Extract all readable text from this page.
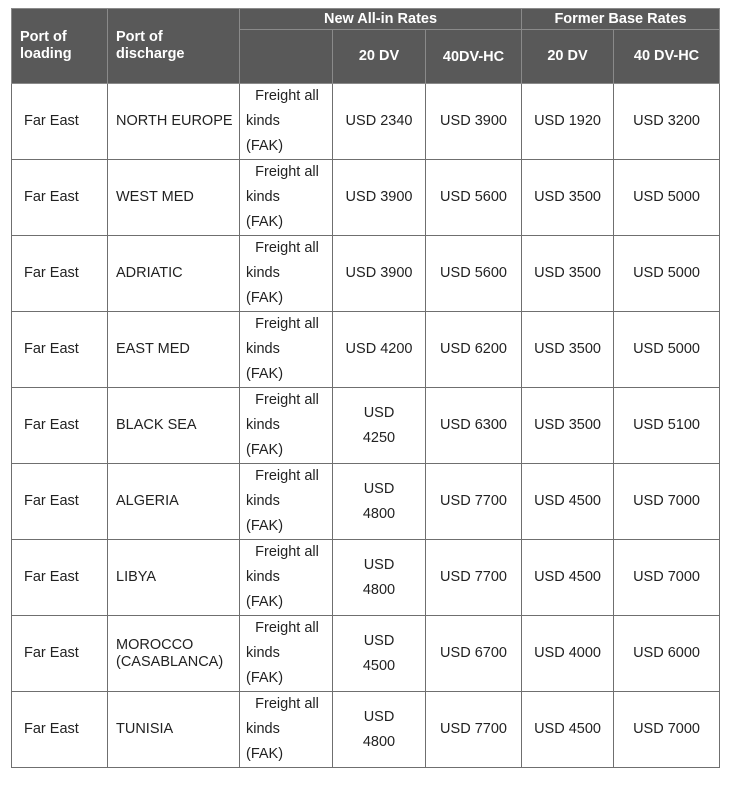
Port of loading	Port of discharge	New All-in Rates			Former Base Rates	
			20 DV	40DV-HC	20 DV	40 DV-HC
Far East	NORTH EUROPE	Freight all
kinds
(FAK)	USD 2340	USD 3900	USD 1920	USD 3200
Far East	WEST MED	Freight all
kinds
(FAK)	USD 3900	USD 5600	USD 3500	USD 5000
Far East	ADRIATIC	Freight all
kinds
(FAK)	USD 3900	USD 5600	USD 3500	USD 5000
Far East	EAST MED	Freight all
kinds
(FAK)	USD 4200	USD 6200	USD 3500	USD 5000
Far East	BLACK SEA	Freight all
kinds
(FAK)	USD 4250	USD 6300	USD 3500	USD 5100
Far East	ALGERIA	Freight all
kinds
(FAK)	USD 4800	USD 7700	USD 4500	USD 7000
Far East	LIBYA	Freight all
kinds
(FAK)	USD 4800	USD 7700	USD 4500	USD 7000
Far East	MOROCCO (CASABLANCA)	Freight all
kinds
(FAK)	USD 4500	USD 6700	USD 4000	USD 6000
Far East	TUNISIA	Freight all
kinds
(FAK)	USD 4800	USD 7700	USD 4500	USD 7000
